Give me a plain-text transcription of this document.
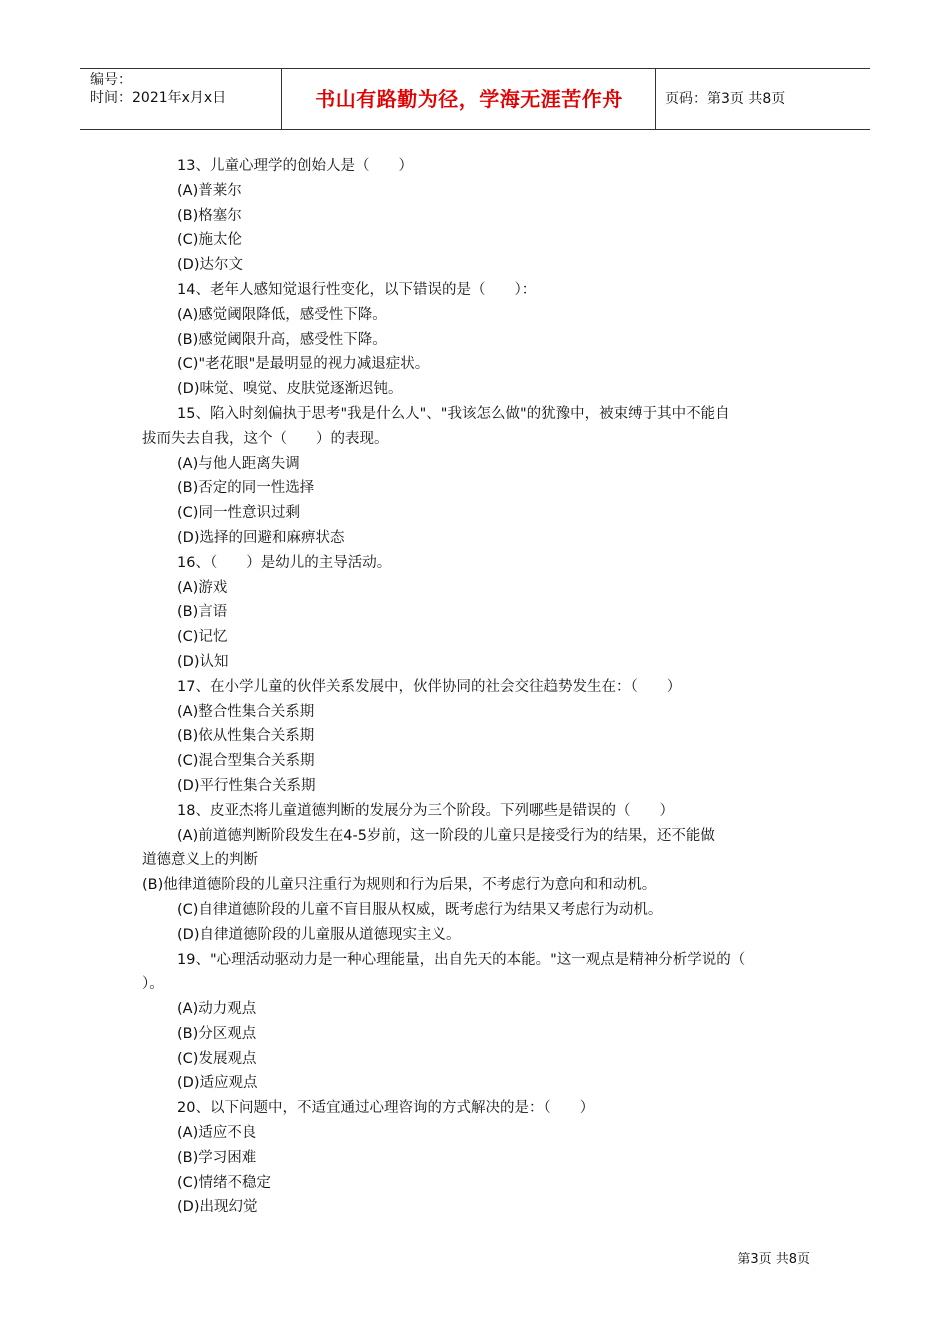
编号：
时间：2021年x月x日	书山有路勤为径，学海无涯苦作舟	页码：第3页 共8页
13、儿童心理学的创始人是（　　）
(A)普莱尔
(B)格塞尔
(C)施太伦
(D)达尔文
14、老年人感知觉退行性变化，以下错误的是（　　）：
(A)感觉阈限降低，感受性下降。
(B)感觉阈限升高，感受性下降。
(C)"老花眼"是最明显的视力减退症状。
(D)味觉、嗅觉、皮肤觉逐渐迟钝。
15、陷入时刻偏执于思考"我是什么人"、"我该怎么做"的犹豫中，被束缚于其中不能自
拔而失去自我，这个（　　）的表现。
(A)与他人距离失调
(B)否定的同一性选择
(C)同一性意识过剩
(D)选择的回避和麻痹状态
16、（　　）是幼儿的主导活动。
(A)游戏
(B)言语
(C)记忆
(D)认知
17、在小学儿童的伙伴关系发展中，伙伴协同的社会交往趋势发生在：（　　）
(A)整合性集合关系期
(B)依从性集合关系期
(C)混合型集合关系期
(D)平行性集合关系期
18、皮亚杰将儿童道德判断的发展分为三个阶段。下列哪些是错误的（　　）
(A)前道德判断阶段发生在4-5岁前，这一阶段的儿童只是接受行为的结果，还不能做
道德意义上的判断
(B)他律道德阶段的儿童只注重行为规则和行为后果，不考虑行为意向和和动机。
(C)自律道德阶段的儿童不盲目服从权威，既考虑行为结果又考虑行为动机。
(D)自律道德阶段的儿童服从道德现实主义。
19、"心理活动驱动力是一种心理能量，出自先天的本能。"这一观点是精神分析学说的（
）。
(A)动力观点
(B)分区观点
(C)发展观点
(D)适应观点
20、以下问题中，不适宜通过心理咨询的方式解决的是：（　　）
(A)适应不良
(B)学习困难
(C)情绪不稳定
(D)出现幻觉
第3页 共8页
